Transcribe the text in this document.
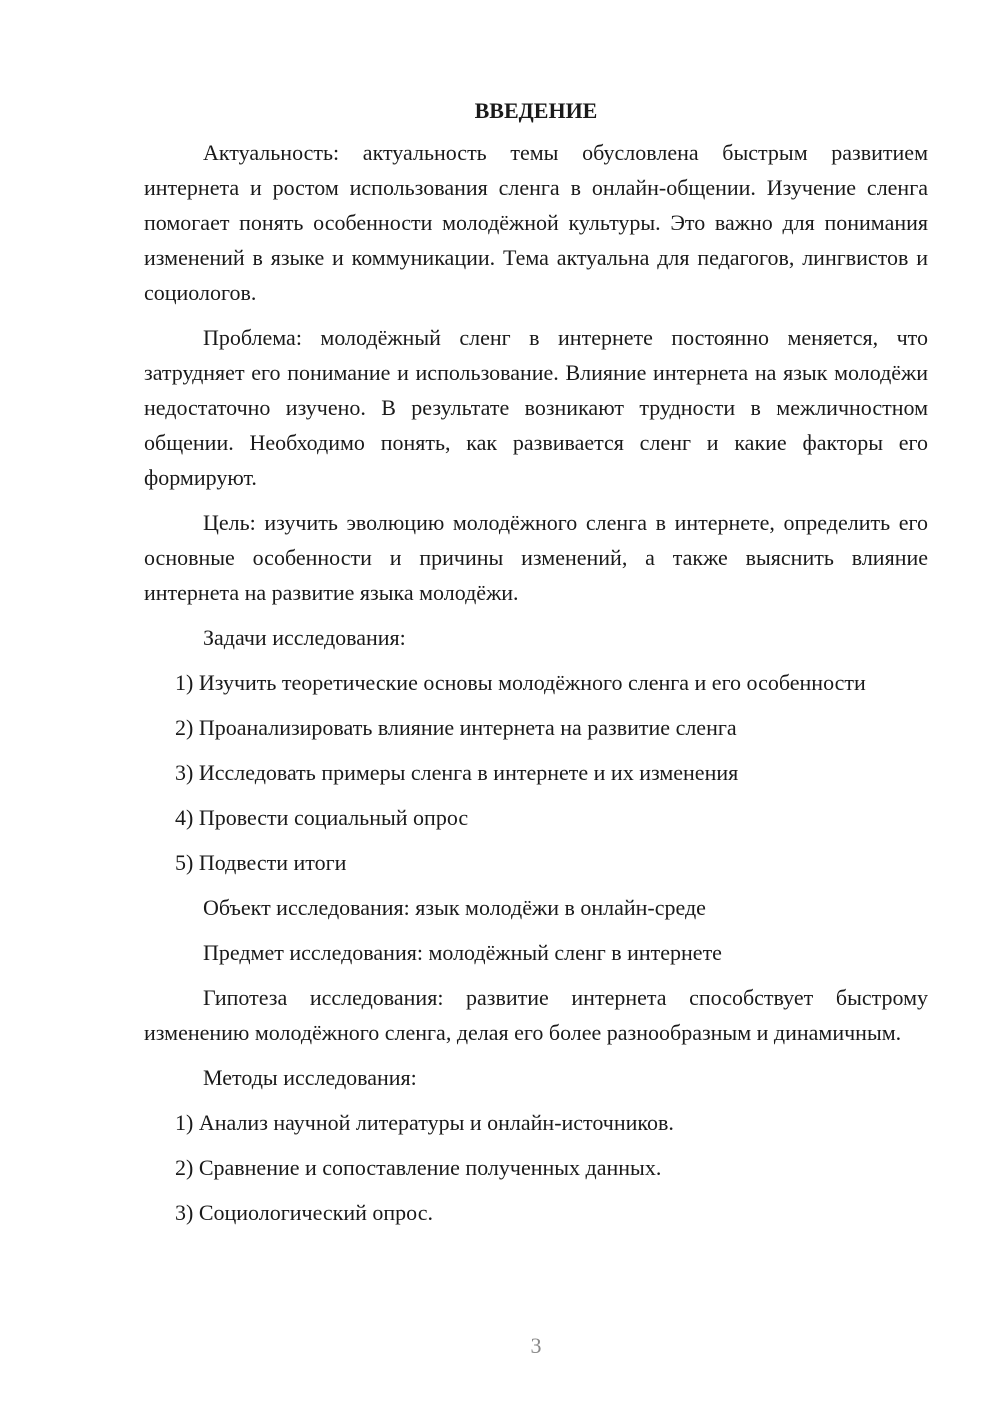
ВВЕДЕНИЕ

Актуальность: актуальность темы обусловлена быстрым развитием интернета и ростом использования сленга в онлайн-общении. Изучение сленга помогает понять особенности молодёжной культуры. Это важно для понимания изменений в языке и коммуникации. Тема актуальна для педагогов, лингвистов и социологов.

Проблема: молодёжный сленг в интернете постоянно меняется, что затрудняет его понимание и использование. Влияние интернета на язык молодёжи недостаточно изучено. В результате возникают трудности в межличностном общении. Необходимо понять, как развивается сленг и какие факторы его формируют.

Цель: изучить эволюцию молодёжного сленга в интернете, определить его основные особенности и причины изменений, а также выяснить влияние интернета на развитие языка молодёжи.

Задачи исследования:

1) Изучить теоретические основы молодёжного сленга и его особенности

2) Проанализировать влияние интернета на развитие сленга

3) Исследовать примеры сленга в интернете и их изменения

4) Провести социальный опрос

5) Подвести итоги

Объект исследования: язык молодёжи в онлайн-среде

Предмет исследования: молодёжный сленг в интернете

Гипотеза исследования: развитие интернета способствует быстрому изменению молодёжного сленга, делая его более разнообразным и динамичным.

Методы исследования:

1) Анализ научной литературы и онлайн-источников.

2) Сравнение и сопоставление полученных данных.

3) Социологический опрос.

3
